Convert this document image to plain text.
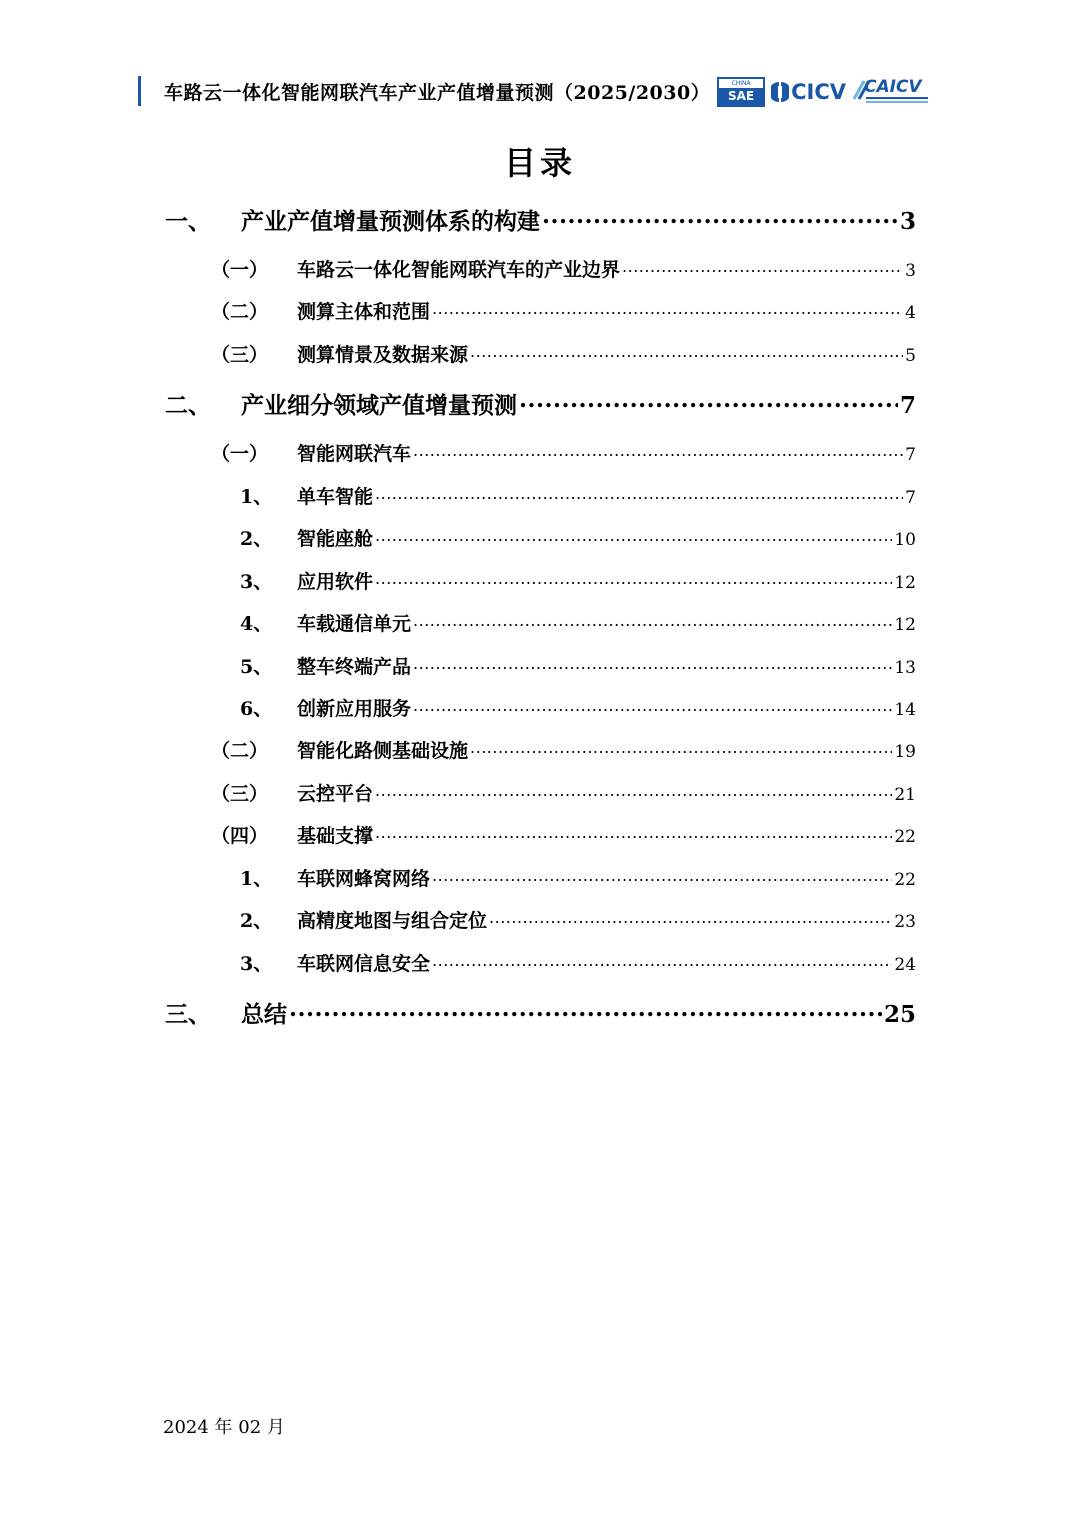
车路云一体化智能网联汽车产业产值增量预测（2025/2030）	CHINA
SAE	CICV CAICV
目录
一、	产业产值增量预测体系的构建 .....	3
（一）	车路云一体化智能网联汽车的产业边界 .....	3
（二）	测算主体和范围 .....	4
（三）	测算情景及数据来源 .....	5
二、	产业细分领域产值增量预测 .....	7
（一）	智能网联汽车 .....	7
1、	单车智能 .....	7
2、	智能座舱 .....	10
3、	应用软件 .....	12
4、	车载通信单元 .....	12
5、	整车终端产品 .....	13
6、	创新应用服务 .....	14
（二）	智能化路侧基础设施 .....	19
（三）	云控平台 .....	21
（四）	基础支撑 .....	22
1、	车联网蜂窝网络 .....	22
2、	高精度地图与组合定位 .....	23
3、	车联网信息安全 .....	24
三、	总结 .....	25
2024 年 02 月
